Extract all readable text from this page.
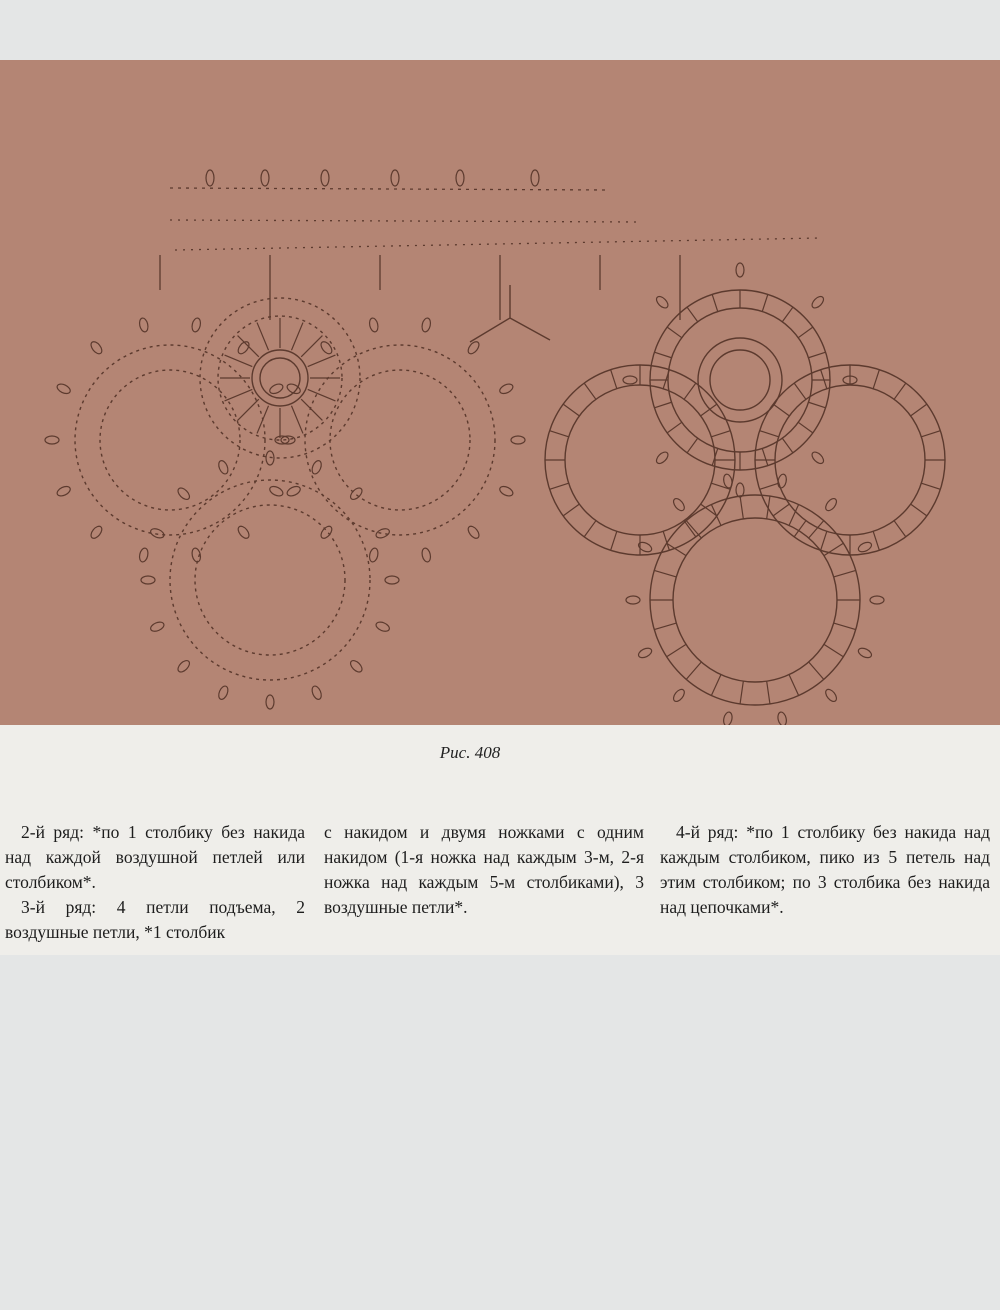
Рис. 408

2-й ряд: *по 1 столбику без накида над каждой воздушной петлей или столбиком*.

3-й ряд: 4 петли подъема, 2 воздушные петли, *1 столбик

с накидом и двумя ножками с одним накидом (1-я ножка над каждым 3-м, 2-я ножка над каждым 5-м столбиками), 3 воздушные петли*.

4-й ряд: *по 1 столбику без накида над каждым столбиком, пико из 5 петель над этим столбиком; по 3 столбика без накида над цепочками*.
